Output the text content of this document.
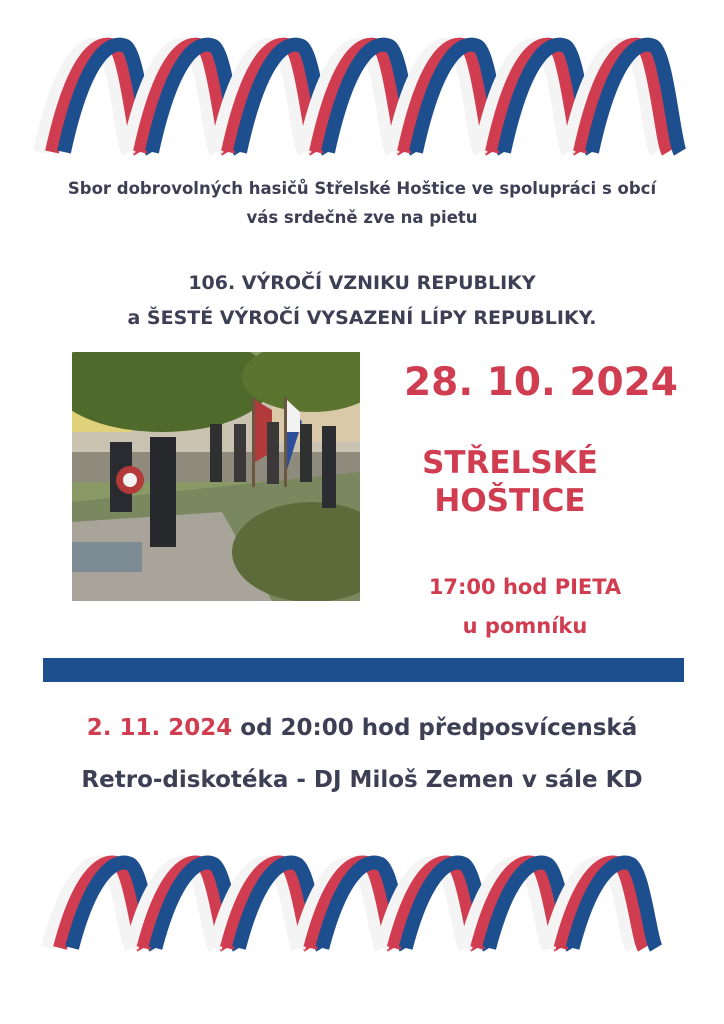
Sbor dobrovolných hasičů Střelské Hoštice ve spolupráci s obcí
vás srdečně zve na pietu
106. VÝROČÍ VZNIKU REPUBLIKY
a ŠESTÉ VÝROČÍ VYSAZENÍ LÍPY REPUBLIKY.
28. 10. 2024
STŘELSKÉ
HOŠTICE
17:00 hod PIETA
u pomníku
2. 11. 2024 od 20:00 hod předposvícenská
Retro-diskotéka - DJ Miloš Zemen v sále KD
